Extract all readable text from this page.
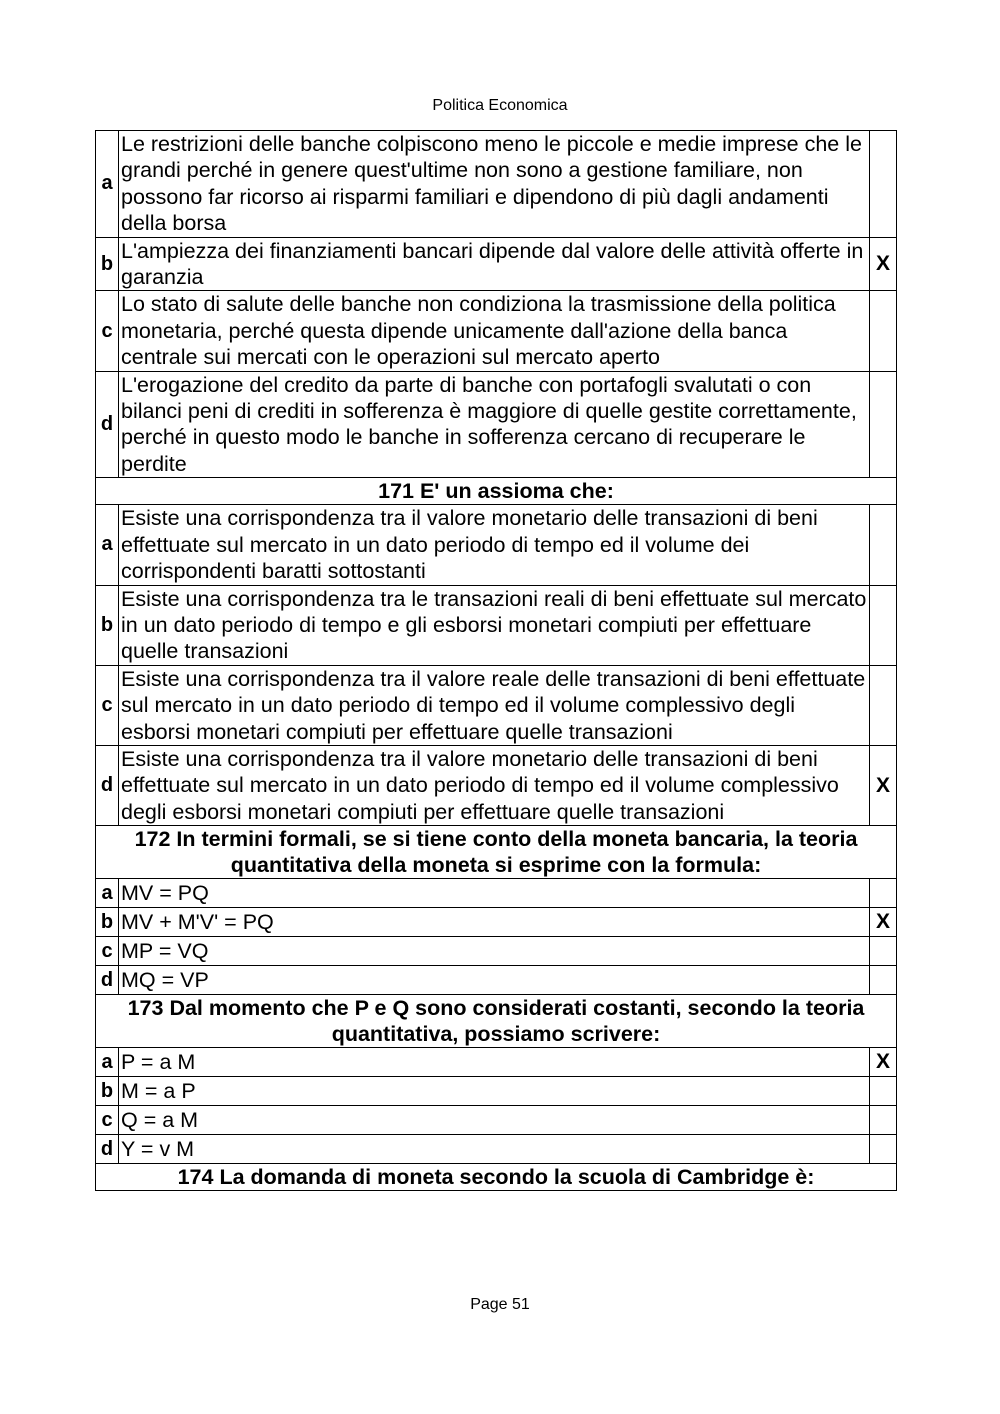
Politica Economica
a	Le restrizioni delle banche colpiscono meno le piccole e medie imprese che le grandi perché in genere quest'ultime non sono a gestione familiare, non possono far ricorso ai risparmi familiari e dipendono di più dagli andamenti della borsa	
b	L'ampiezza dei finanziamenti bancari dipende dal valore delle attività offerte in garanzia	X
c	Lo stato di salute delle banche non condiziona la trasmissione della politica monetaria, perché questa dipende unicamente dall'azione della banca centrale sui mercati con le operazioni sul mercato aperto	
d	L'erogazione del credito da parte di banche con portafogli svalutati o con bilanci peni di crediti in sofferenza è maggiore di quelle gestite correttamente, perché in questo modo le banche in sofferenza cercano di recuperare le perdite	
171 E' un assioma che:		
a	Esiste una corrispondenza tra il valore monetario delle transazioni di beni effettuate sul mercato in un dato periodo di tempo ed il volume dei corrispondenti baratti sottostanti	
b	Esiste una corrispondenza tra le transazioni reali di beni effettuate sul mercato in un dato periodo di tempo e gli esborsi monetari compiuti per effettuare quelle transazioni	
c	Esiste una corrispondenza tra il valore reale delle transazioni di beni effettuate sul mercato in un dato periodo di tempo ed il volume complessivo degli esborsi monetari compiuti per effettuare quelle transazioni	
d	Esiste una corrispondenza tra il valore monetario delle transazioni di beni effettuate sul mercato in un dato periodo di tempo ed il volume complessivo degli esborsi monetari compiuti per effettuare quelle transazioni	X
172 In termini formali, se si tiene conto della moneta bancaria, la teoria quantitativa della moneta si esprime con la formula:		
a	MV = PQ	
b	MV + M'V' = PQ	X
c	MP = VQ	
d	MQ = VP	
173 Dal momento che P e Q sono considerati costanti, secondo la teoria quantitativa, possiamo scrivere:		
a	P = a M	X
b	M = a P	
c	Q = a M	
d	Y = v M	
174 La domanda di moneta secondo la scuola di Cambridge è:		
Page 51
